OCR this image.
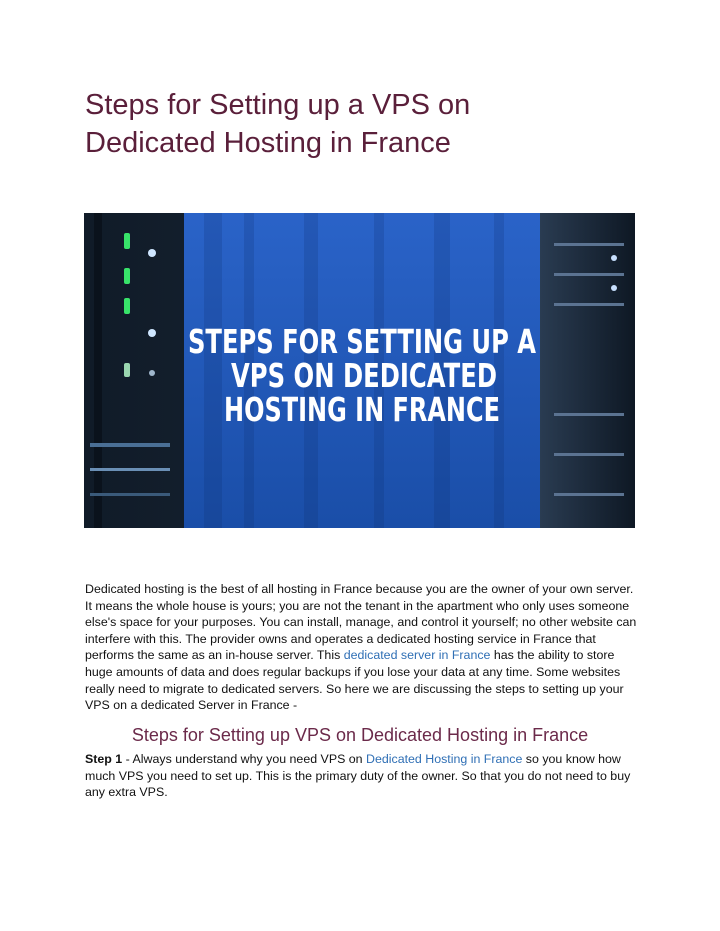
Steps for Setting up a VPS on
Dedicated Hosting in France
STEPS FOR SETTING UP A
VPS ON DEDICATED
HOSTING IN FRANCE

Dedicated hosting is the best of all hosting in France because you are the owner of your own server. It means the whole house is yours; you are not the tenant in the apartment who only uses someone else's space for your purposes. You can install, manage, and control it yourself; no other website can interfere with this. The provider owns and operates a dedicated hosting service in France that performs the same as an in-house server. This dedicated server in France has the ability to store huge amounts of data and does regular backups if you lose your data at any time. Some websites really need to migrate to dedicated servers. So here we are discussing the steps to setting up your VPS on a dedicated Server in France -

Steps for Setting up VPS on Dedicated Hosting in France

Step 1 - Always understand why you need VPS on Dedicated Hosting in France so you know how much VPS you need to set up. This is the primary duty of the owner. So that you do not need to buy any extra VPS.
